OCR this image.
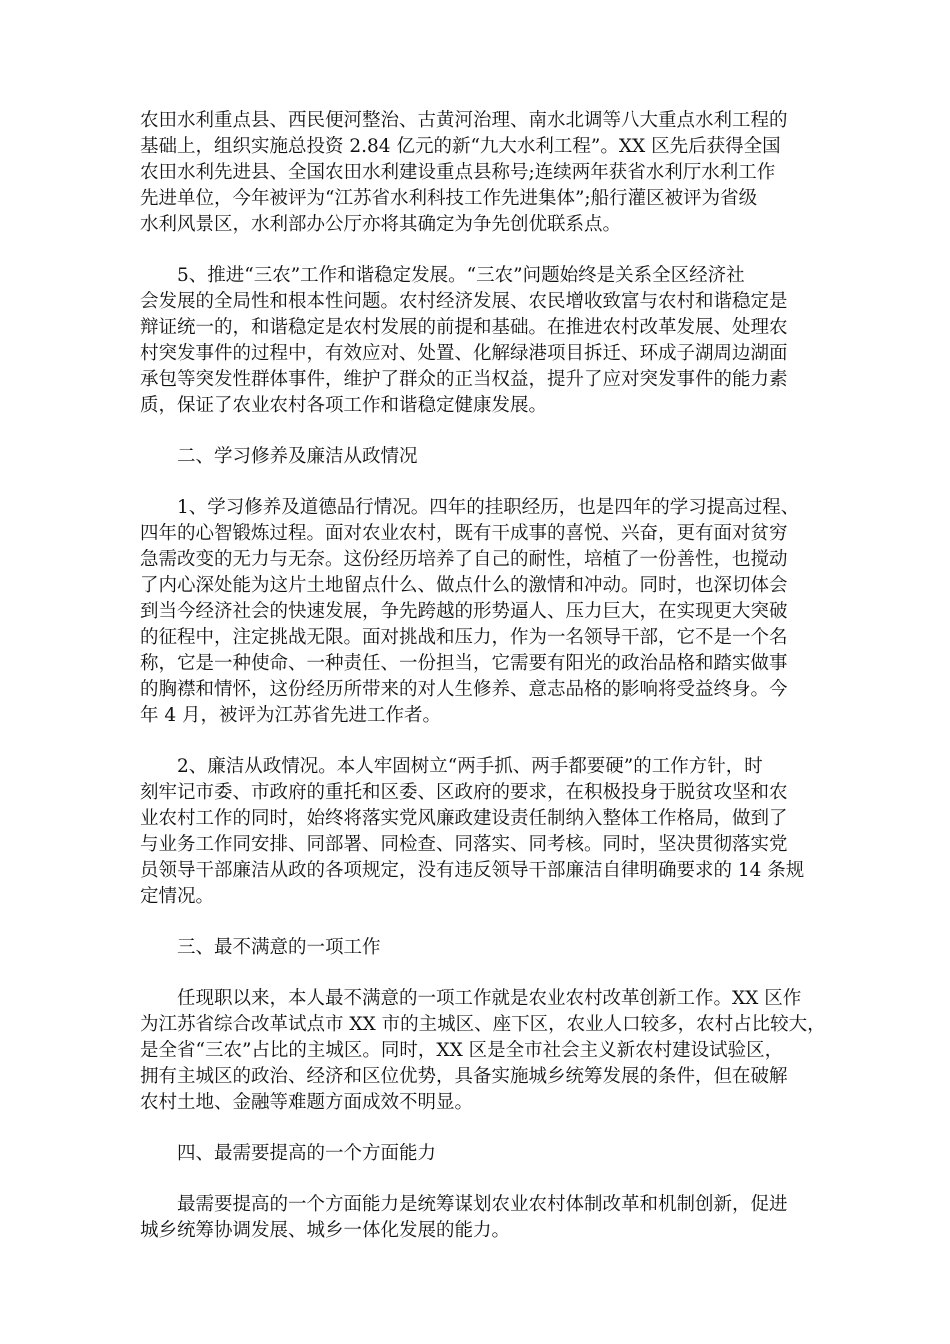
农田水利重点县、西民便河整治、古黄河治理、南水北调等八大重点水利工程的
基础上，组织实施总投资 2.84 亿元的新“九大水利工程”。XX 区先后获得全国
农田水利先进县、全国农田水利建设重点县称号;连续两年获省水利厅水利工作
先进单位，今年被评为“江苏省水利科技工作先进集体”;船行灌区被评为省级
水利风景区，水利部办公厅亦将其确定为争先创优联系点。
　　5、推进“三农”工作和谐稳定发展。“三农”问题始终是关系全区经济社
会发展的全局性和根本性问题。农村经济发展、农民增收致富与农村和谐稳定是
辩证统一的，和谐稳定是农村发展的前提和基础。在推进农村改革发展、处理农
村突发事件的过程中，有效应对、处置、化解绿港项目拆迁、环成子湖周边湖面
承包等突发性群体事件，维护了群众的正当权益，提升了应对突发事件的能力素
质，保证了农业农村各项工作和谐稳定健康发展。
　　二、学习修养及廉洁从政情况
　　1、学习修养及道德品行情况。四年的挂职经历，也是四年的学习提高过程、
四年的心智锻炼过程。面对农业农村，既有干成事的喜悦、兴奋，更有面对贫穷
急需改变的无力与无奈。这份经历培养了自己的耐性，培植了一份善性，也搅动
了内心深处能为这片土地留点什么、做点什么的激情和冲动。同时，也深切体会
到当今经济社会的快速发展，争先跨越的形势逼人、压力巨大，在实现更大突破
的征程中，注定挑战无限。面对挑战和压力，作为一名领导干部，它不是一个名
称，它是一种使命、一种责任、一份担当，它需要有阳光的政治品格和踏实做事
的胸襟和情怀，这份经历所带来的对人生修养、意志品格的影响将受益终身。今
年 4 月，被评为江苏省先进工作者。
　　2、廉洁从政情况。本人牢固树立“两手抓、两手都要硬”的工作方针，时
刻牢记市委、市政府的重托和区委、区政府的要求，在积极投身于脱贫攻坚和农
业农村工作的同时，始终将落实党风廉政建设责任制纳入整体工作格局，做到了
与业务工作同安排、同部署、同检查、同落实、同考核。同时，坚决贯彻落实党
员领导干部廉洁从政的各项规定，没有违反领导干部廉洁自律明确要求的 14 条规
定情况。
　　三、最不满意的一项工作
　　任现职以来，本人最不满意的一项工作就是农业农村改革创新工作。XX 区作
为江苏省综合改革试点市 XX 市的主城区、座下区，农业人口较多，农村占比较大，
是全省“三农”占比的主城区。同时，XX 区是全市社会主义新农村建设试验区，
拥有主城区的政治、经济和区位优势，具备实施城乡统筹发展的条件，但在破解
农村土地、金融等难题方面成效不明显。
　　四、最需要提高的一个方面能力
　　最需要提高的一个方面能力是统筹谋划农业农村体制改革和机制创新，促进
城乡统筹协调发展、城乡一体化发展的能力。
